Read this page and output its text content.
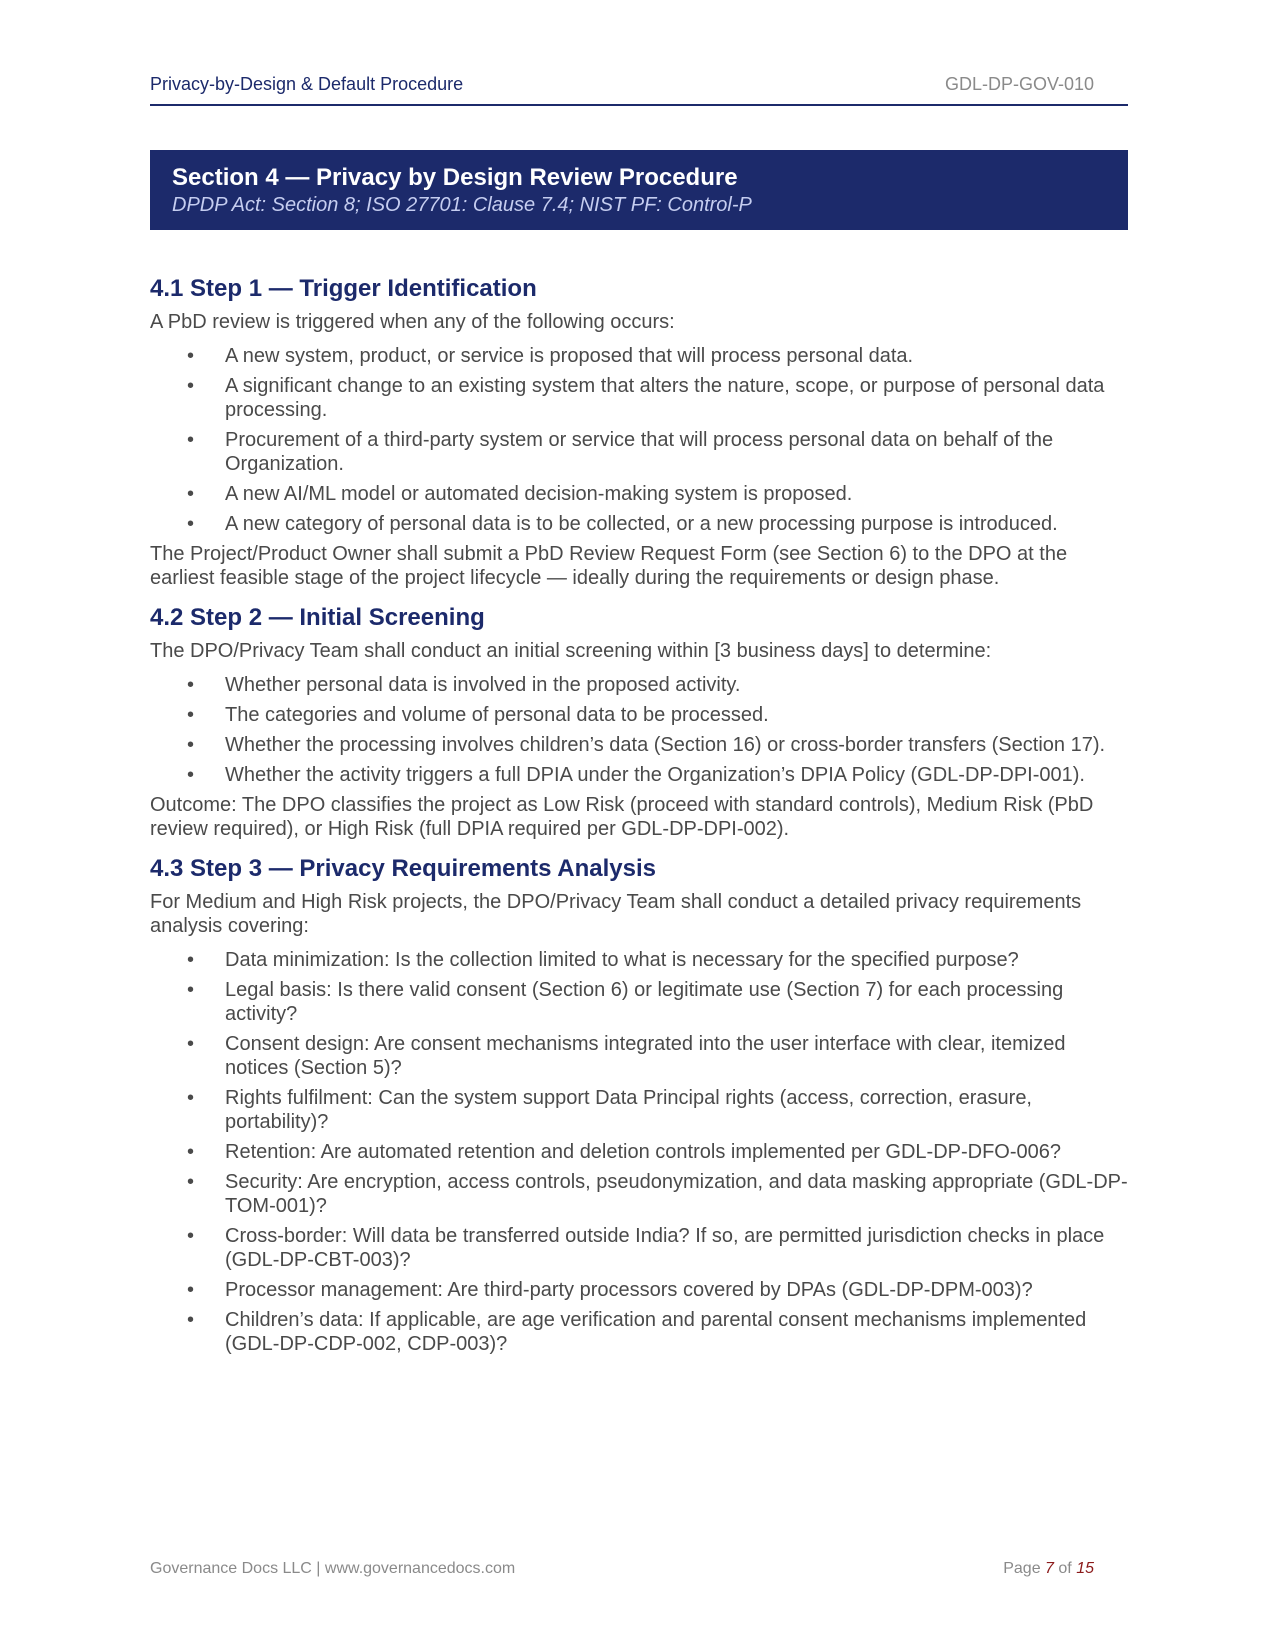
Privacy-by-Design & Default Procedure	GDL-DP-GOV-010
Section 4 — Privacy by Design Review Procedure
DPDP Act: Section 8; ISO 27701: Clause 7.4; NIST PF: Control-P
4.1 Step 1 — Trigger Identification

A PbD review is triggered when any of the following occurs:

• A new system, product, or service is proposed that will process personal data.
• A significant change to an existing system that alters the nature, scope, or purpose of personal data processing.
• Procurement of a third-party system or service that will process personal data on behalf of the Organization.
• A new AI/ML model or automated decision-making system is proposed.
• A new category of personal data is to be collected, or a new processing purpose is introduced.

The Project/Product Owner shall submit a PbD Review Request Form (see Section 6) to the DPO at the earliest feasible stage of the project lifecycle — ideally during the requirements or design phase.

4.2 Step 2 — Initial Screening

The DPO/Privacy Team shall conduct an initial screening within [3 business days] to determine:

• Whether personal data is involved in the proposed activity.
• The categories and volume of personal data to be processed.
• Whether the processing involves children’s data (Section 16) or cross-border transfers (Section 17).
• Whether the activity triggers a full DPIA under the Organization’s DPIA Policy (GDL-DP-DPI-001).

Outcome: The DPO classifies the project as Low Risk (proceed with standard controls), Medium Risk (PbD review required), or High Risk (full DPIA required per GDL-DP-DPI-002).

4.3 Step 3 — Privacy Requirements Analysis

For Medium and High Risk projects, the DPO/Privacy Team shall conduct a detailed privacy requirements analysis covering:

• Data minimization: Is the collection limited to what is necessary for the specified purpose?
• Legal basis: Is there valid consent (Section 6) or legitimate use (Section 7) for each processing activity?
• Consent design: Are consent mechanisms integrated into the user interface with clear, itemized notices (Section 5)?
• Rights fulfilment: Can the system support Data Principal rights (access, correction, erasure, portability)?
• Retention: Are automated retention and deletion controls implemented per GDL-DP-DFO-006?
• Security: Are encryption, access controls, pseudonymization, and data masking appropriate (GDL-DP-TOM-001)?
• Cross-border: Will data be transferred outside India? If so, are permitted jurisdiction checks in place (GDL-DP-CBT-003)?
• Processor management: Are third-party processors covered by DPAs (GDL-DP-DPM-003)?
• Children’s data: If applicable, are age verification and parental consent mechanisms implemented (GDL-DP-CDP-002, CDP-003)?
Governance Docs LLC | www.governancedocs.com	Page 7 of 15
